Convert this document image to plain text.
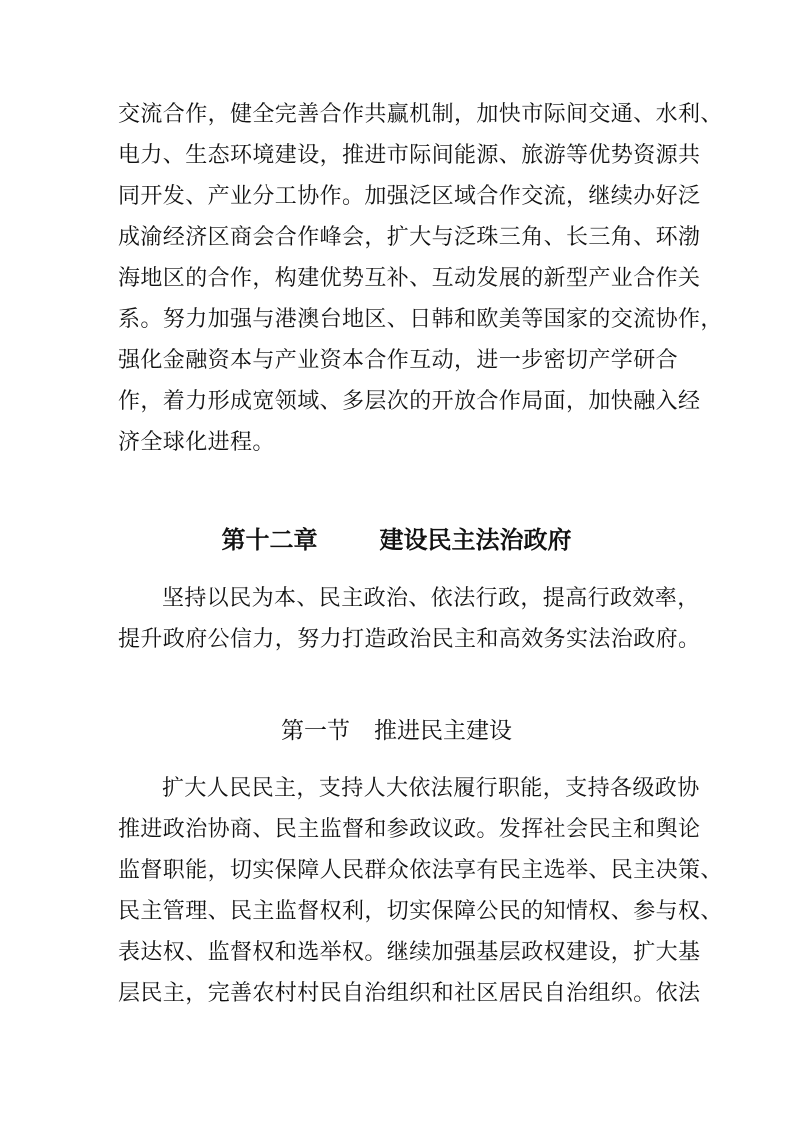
交流合作，健全完善合作共赢机制，加快市际间交通、水利、
电力、生态环境建设，推进市际间能源、旅游等优势资源共
同开发、产业分工协作。加强泛区域合作交流，继续办好泛
成渝经济区商会合作峰会，扩大与泛珠三角、长三角、环渤
海地区的合作，构建优势互补、互动发展的新型产业合作关
系。努力加强与港澳台地区、日韩和欧美等国家的交流协作，
强化金融资本与产业资本合作互动，进一步密切产学研合
作，着力形成宽领域、多层次的开放合作局面，加快融入经
济全球化进程。
第十二章	建设民主法治政府
坚持以民为本、民主政治、依法行政，提高行政效率，
提升政府公信力，努力打造政治民主和高效务实法治政府。
第一节 推进民主建设
扩大人民民主，支持人大依法履行职能，支持各级政协
推进政治协商、民主监督和参政议政。发挥社会民主和舆论
监督职能，切实保障人民群众依法享有民主选举、民主决策、
民主管理、民主监督权利，切实保障公民的知情权、参与权、
表达权、监督权和选举权。继续加强基层政权建设，扩大基
层民主，完善农村村民自治组织和社区居民自治组织。依法
